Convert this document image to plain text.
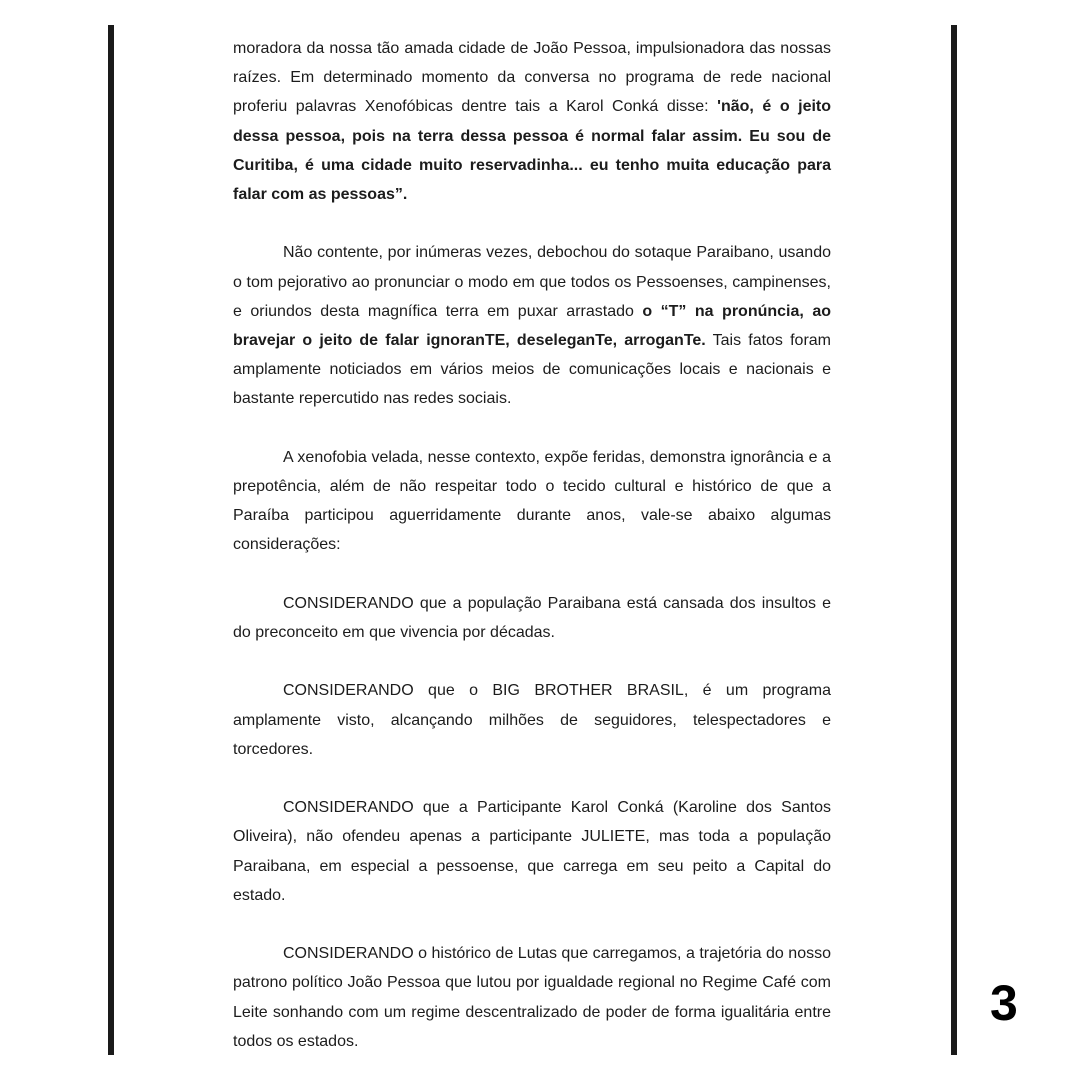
moradora da nossa tão amada cidade de João Pessoa, impulsionadora das nossas raízes. Em determinado momento da conversa no programa de rede nacional proferiu palavras Xenofóbicas dentre tais a Karol Conká disse: 'não, é o jeito dessa pessoa, pois na terra dessa pessoa é normal falar assim. Eu sou de Curitiba, é uma cidade muito reservadinha... eu tenho muita educação para falar com as pessoas”.

Não contente, por inúmeras vezes, debochou do sotaque Paraibano, usando o tom pejorativo ao pronunciar o modo em que todos os Pessoenses, campinenses, e oriundos desta magnífica terra em puxar arrastado o “T” na pronúncia, ao bravejar o jeito de falar ignoranTE, deseleganTe, arroganTe. Tais fatos foram amplamente noticiados em vários meios de comunicações locais e nacionais e bastante repercutido nas redes sociais.

A xenofobia velada, nesse contexto, expõe feridas, demonstra ignorância e a prepotência, além de não respeitar todo o tecido cultural e histórico de que a Paraíba participou aguerridamente durante anos, vale-se abaixo algumas considerações:

CONSIDERANDO que a população Paraibana está cansada dos insultos e do preconceito em que vivencia por décadas.

CONSIDERANDO que o BIG BROTHER BRASIL, é um programa amplamente visto, alcançando milhões de seguidores, telespectadores e torcedores.

CONSIDERANDO que a Participante Karol Conká (Karoline dos Santos Oliveira), não ofendeu apenas a participante JULIETE, mas toda a população Paraibana, em especial a pessoense, que carrega em seu peito a Capital do estado.

CONSIDERANDO o histórico de Lutas que carregamos, a trajetória do nosso patrono político João Pessoa que lutou por igualdade regional no Regime Café com Leite sonhando com um regime descentralizado de poder de forma igualitária entre todos os estados.

3
